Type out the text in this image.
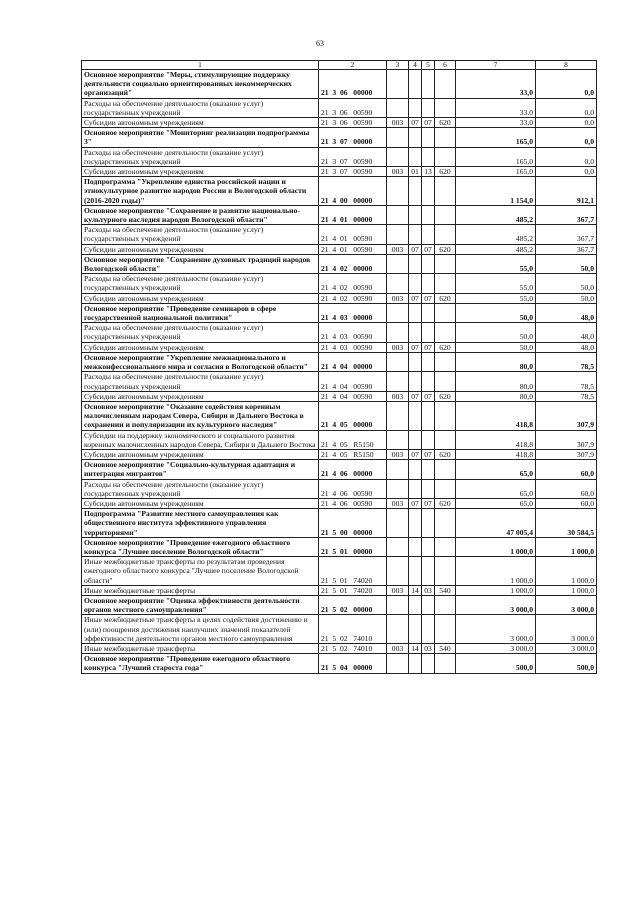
63
1	2	3	4	5	6	7	8
Основное мероприятие "Меры, стимулирующие поддержку деятельности социально ориентированных некоммерческих организаций"	21  3  06   00000					33,0	0,0
Расходы на обеспечение деятельности (оказание услуг) государственных учреждений	21  3  06   00590					33,0	0,0
Субсидии автономным учреждениям	21  3  06   00590	003	07	07	620	33,0	0,0
Основное мероприятие "Мониторинг реализации подпрограммы 3"	21  3  07   00000					165,0	0,0
Расходы на обеспечение деятельности (оказание услуг) государственных учреждений	21  3  07   00590					165,0	0,0
Субсидии автономным учреждениям	21  3  07   00590	003	01	13	620	165,0	0,0
Подпрограмма "Укрепление единства российской нации и этнокультурное развитие народов России в Вологодской области (2016-2020 годы)"	21  4  00   00000					1 154,0	912,1
Основное мероприятие "Сохранение и развитие национально-культурного наследия народов Вологодской области"	21  4  01   00000					485,2	367,7
Расходы на обеспечение деятельности (оказание услуг) государственных учреждений	21  4  01   00590					485,2	367,7
Субсидии автономным учреждениям	21  4  01   00590	003	07	07	620	485,2	367,7
Основное мероприятие "Сохранение духовных традиций народов Вологодской области"	21  4  02   00000					55,0	50,0
Расходы на обеспечение деятельности (оказание услуг) государственных учреждений	21  4  02   00590					55,0	50,0
Субсидии автономным учреждениям	21  4  02   00590	003	07	07	620	55,0	50,0
Основное мероприятие "Проведение семинаров в сфере государственной национальной политики"	21  4  03   00000					50,0	48,0
Расходы на обеспечение деятельности (оказание услуг) государственных учреждений	21  4  03   00590					50,0	48,0
Субсидии автономным учреждениям	21  4  03   00590	003	07	07	620	50,0	48,0
Основное мероприятие "Укрепление межнационального и межконфессионального мира и согласия в Вологодской области"	21  4  04   00000					80,0	78,5
Расходы на обеспечение деятельности (оказание услуг) государственных учреждений	21  4  04   00590					80,0	78,5
Субсидии автономным учреждениям	21  4  04   00590	003	07	07	620	80,0	78,5
Основное мероприятие "Оказание содействия коренным малочисленным народам Севера, Сибири и Дальнего Востока в сохранении и популяризации их культурного наследия"	21  4  05   00000					418,8	307,9
Субсидии на поддержку экономического и социального развития коренных малочисленных народов Севера, Сибири и Дальнего Востока	21  4  05   R5150					418,8	307,9
Субсидии автономным учреждениям	21  4  05   R5150	003	07	07	620	418,8	307,9
Основное мероприятие "Социально-культурная адаптация и интеграция мигрантов"	21  4  06   00000					65,0	60,0
Расходы на обеспечение деятельности (оказание услуг) государственных учреждений	21  4  06   00590					65,0	60,0
Субсидии автономным учреждениям	21  4  06   00590	003	07	07	620	65,0	60,0
Подпрограмма "Развитие местного самоуправления как общественного института эффективного управления территориями"	21  5  00   00000					47 005,4	30 584,5
Основное мероприятие "Проведение ежегодного областного конкурса "Лучшее поселение Вологодской области"	21  5  01   00000					1 000,0	1 000,0
Иные межбюджетные трансферты по результатам проведения ежегодного областного конкурса "Лучшее поселение Вологодской области"	21  5  01   74020					1 000,0	1 000,0
Иные межбюджетные трансферты	21  5  01   74020	003	14	03	540	1 000,0	1 000,0
Основное мероприятие "Оценка эффективности деятельности органов местного самоуправления"	21  5  02   00000					3 000,0	3 000,0
Иные межбюджетные трансферты в целях содействия достижению и (или) поощрения достижения наилучших значений показателей эффективности деятельности органов местного самоуправления	21  5  02   74010					3 000,0	3 000,0
Иные межбюджетные трансферты	21  5  02   74010	003	14	03	540	3 000,0	3 000,0
Основное мероприятие "Проведение ежегодного областного конкурса "Лучший староста года"	21  5  04   00000					500,0	500,0
